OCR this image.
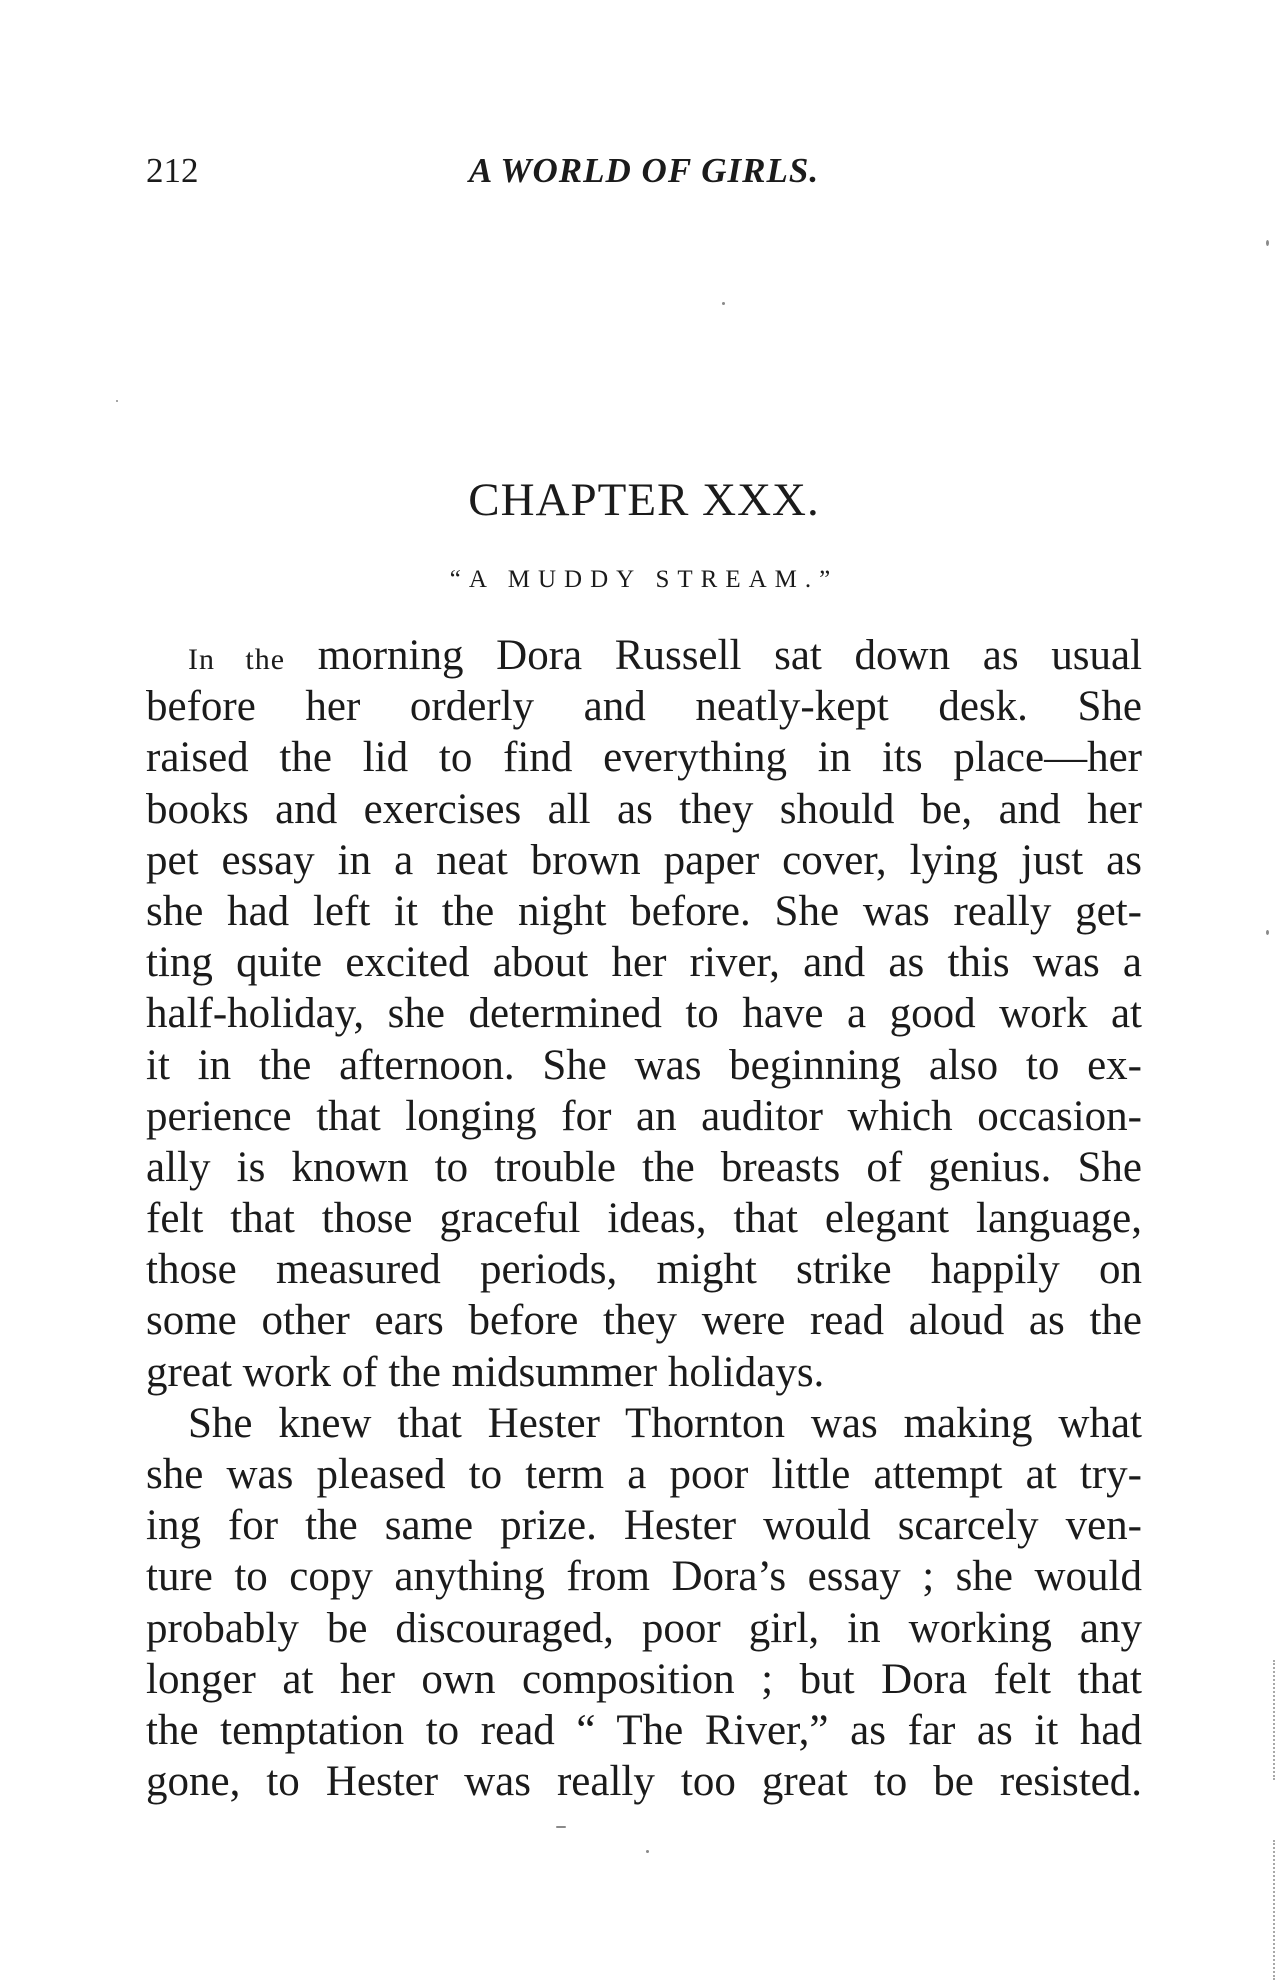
212	A WORLD OF GIRLS.
CHAPTER XXX.
“A MUDDY STREAM.”
In the morning Dora Russell sat down as usual
before her orderly and neatly-kept desk. She
raised the lid to find everything in its place—her
books and exercises all as they should be, and her
pet essay in a neat brown paper cover, lying just as
she had left it the night before. She was really get-
ting quite excited about her river, and as this was a
half-holiday, she determined to have a good work at
it in the afternoon. She was beginning also to ex-
perience that longing for an auditor which occasion-
ally is known to trouble the breasts of genius. She
felt that those graceful ideas, that elegant language,
those measured periods, might strike happily on
some other ears before they were read aloud as the
great work of the midsummer holidays.
She knew that Hester Thornton was making what
she was pleased to term a poor little attempt at try-
ing for the same prize. Hester would scarcely ven-
ture to copy anything from Dora’s essay ; she would
probably be discouraged, poor girl, in working any
longer at her own composition ; but Dora felt that
the temptation to read “ The River,” as far as it had
gone, to Hester was really too great to be resisted.
